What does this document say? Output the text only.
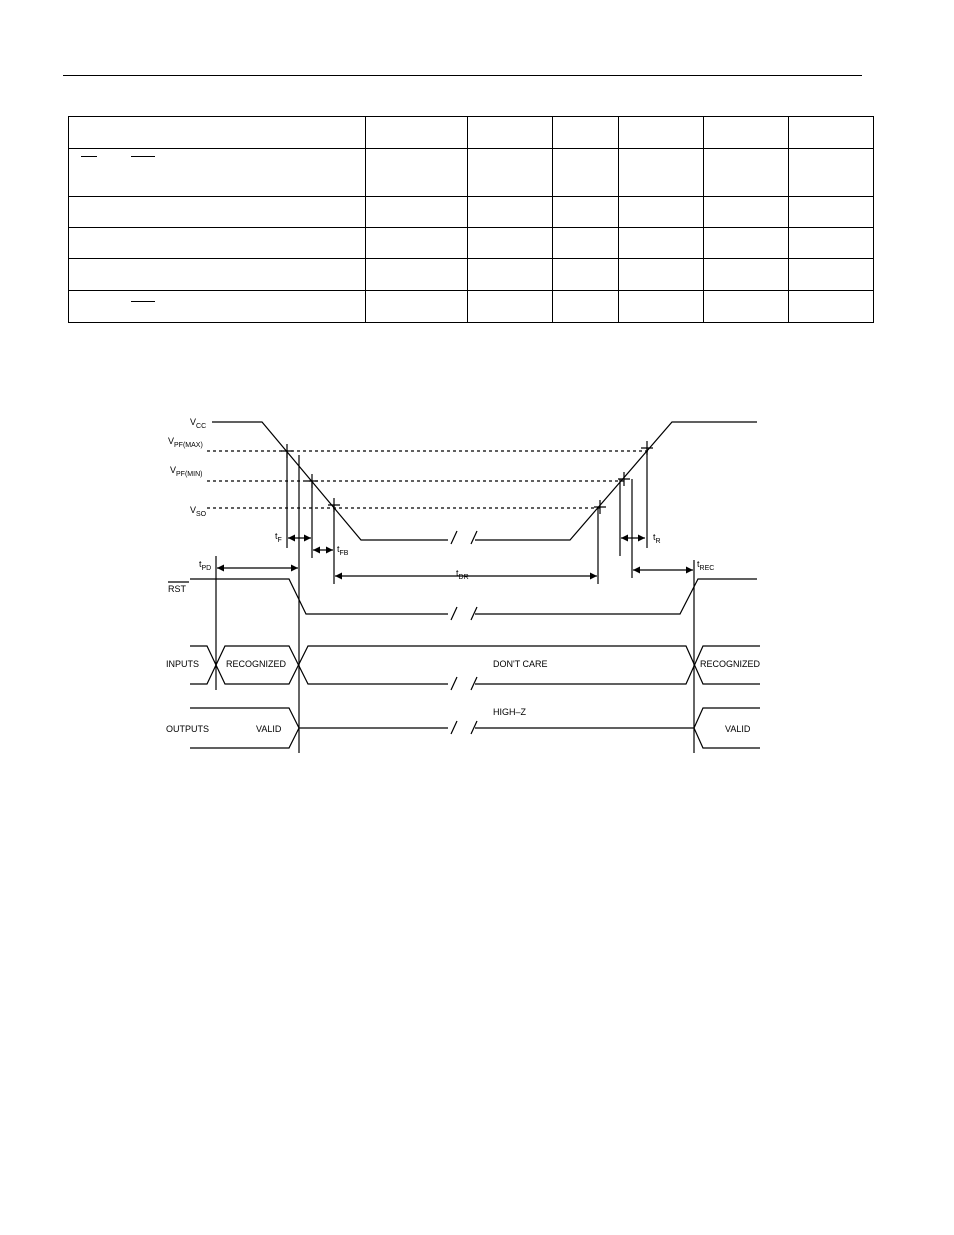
$V_{CC}$
$V_{PF(MAX)}$
$V_{PF(MIN)}$
$V_{SO}$
$t_F$
$t_{FB}$
$t_{PD}$	$t_{DR}$
$t_R$
$t_{REC}$
RST
INPUTS
OUTPUTS
RECOGNIZED	DON'T CARE	RECOGNIZED
HIGH–Z
VALID	VALID
